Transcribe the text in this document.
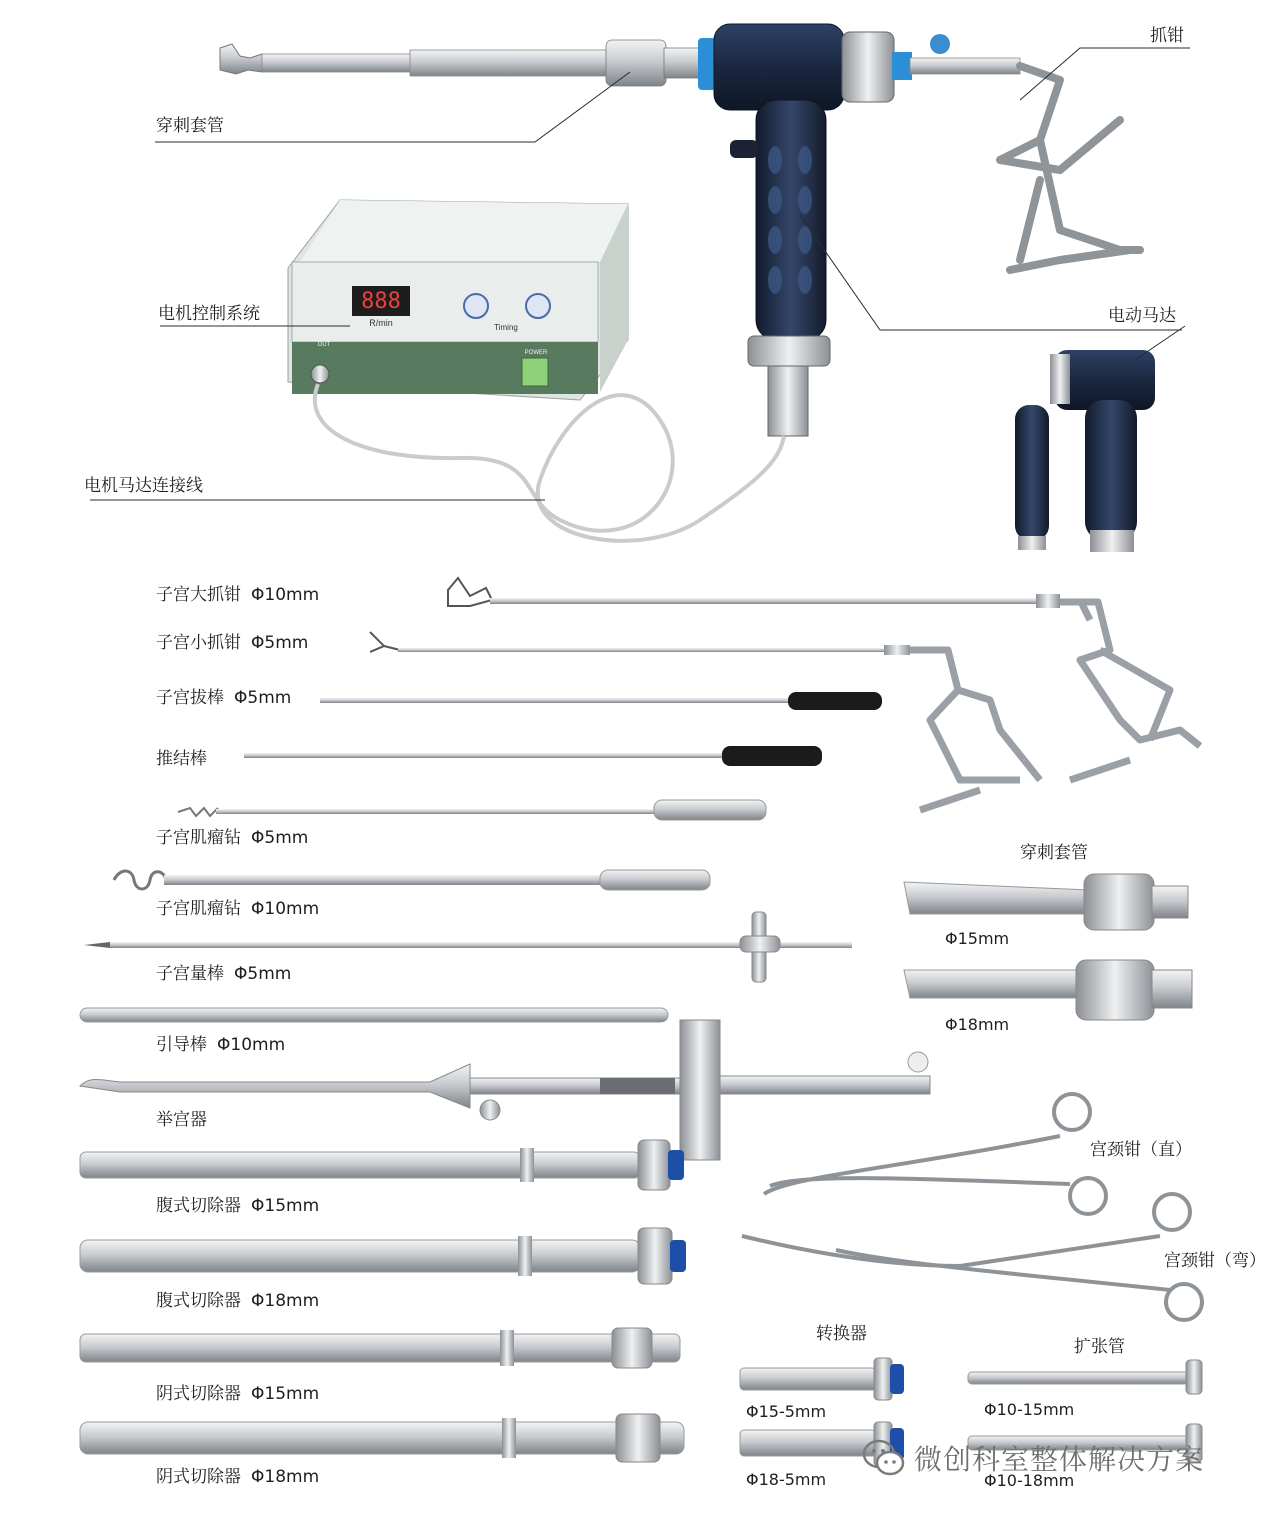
888
R/min	Timing
OUT
POWER
抓钳
穿刺套管
电机控制系统	电动马达
电机马达连接线
子宫大抓钳 Φ10mm
子宫小抓钳 Φ5mm
子宫拔棒 Φ5mm
推结棒
子宫肌瘤钻 Φ5mm
子宫肌瘤钻 Φ10mm
子宫量棒 Φ5mm
引导棒 Φ10mm
举宫器
腹式切除器 Φ15mm
腹式切除器 Φ18mm
阴式切除器 Φ15mm
阴式切除器 Φ18mm
穿刺套管
Φ15mm
Φ18mm
宫颈钳（直）
宫颈钳（弯）
转换器
Φ15-5mm
Φ18-5mm
扩张管
Φ10-15mm
Φ10-18mm
微创科室整体解决方案
